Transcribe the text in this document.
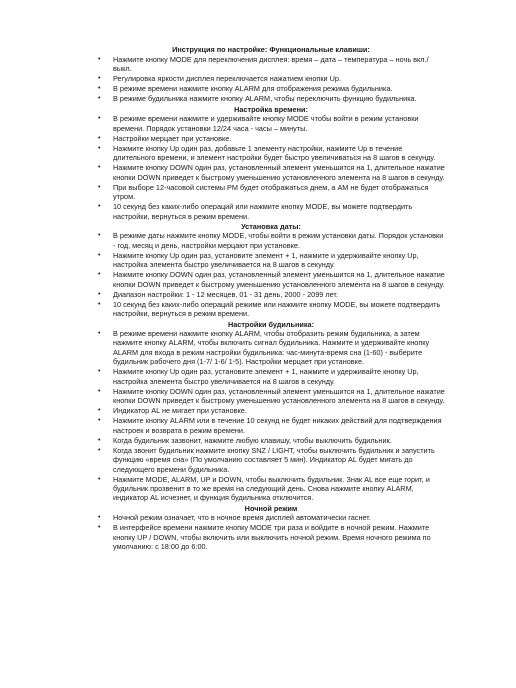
Инструкция по настройке: Функциональные клавиши:
• Нажмите кнопку MODE для переключения дисплея: время – дата – температура – ночь вкл./выкл.
• Регулировка яркости дисплея переключается нажатием кнопки Up.
• В режиме времени нажмите кнопку ALARM для отображения режима будильника.
• В режиме будильника нажмите кнопку ALARM, чтобы переключить функцию будильника.
Настройка времени:
• В режиме времени нажмите и удерживайте кнопку MODE чтобы войти в режим установки времени. Порядок установки 12/24 часа - часы – минуты.
• Настройки мерцает при установке.
• Нажмите кнопку Up один раз, добавьте 1 элементу настройки, нажмите Up в течение длительного времени, и элемент настройки будет быстро увеличиваться на 8 шагов в секунду.
• Нажмите кнопку DOWN один раз, установленный элемент уменьшится на 1, длительное нажатие кнопки DOWN приведет к быстрому уменьшению установленного элемента на 8 шагов в секунду.
• При выборе 12-часовой системы PM будет отображаться днем, а AM не будет отображаться утром.
• 10 секунд без каких-либо операций или нажмите кнопку MODE, вы можете подтвердить настройки, вернуться в режим времени.
Установка даты:
• В режиме даты нажмите кнопку MODE, чтобы войти в режим установки даты. Порядок установки - год, месяц и день, настройки мерцают при установке.
• Нажмите кнопку Up один раз, установите элемент + 1, нажмите и удерживайте кнопку Up, настройка элемента быстро увеличивается на 8 шагов в секунду.
• Нажмите кнопку DOWN один раз, установленный элемент уменьшится на 1, длительное нажатие кнопки DOWN приведет к быстрому уменьшению установленного элемента на 8 шагов в секунду.
• Диапазон настройки: 1 - 12 месяцев, 01 - 31 день, 2000 - 2099 лет.
• 10 секунд без каких-либо операций режиме или нажмите кнопку MODE, вы можете подтвердить настройки, вернуться в режим времени.
Настройки будильника:
• В режиме времени нажмите кнопку ALARM, чтобы отобразить режим будильника, а затем нажмите кнопку ALARM, чтобы включить сигнал будильника. Нажмите и удерживайте кнопку ALARM для входа в режим настройки будильника: час-минута-время сна (1-60) - выберите будильник рабочего дня (1-7/ 1-6/ 1-5). Настройки мерцает при установке.
• Нажмите кнопку Up один раз, установите элемент + 1, нажмите и удерживайте кнопку Up, настройка элемента быстро увеличивается на 8 шагов в секунду.
• Нажмите кнопку DOWN один раз, установленный элемент уменьшится на 1, длительное нажатие кнопки DOWN приведет к быстрому уменьшению установленного элемента на 8 шагов в секунду.
• Индикатор AL не мигает при установке.
• Нажмите кнопку ALARM или в течение 10 секунд не будет никаких действий для подтверждения настроек и возврата в режим времени.
• Когда будильник зазвонит, нажмите любую клавишу, чтобы выключить будильник.
• Когда звонит будильник нажмите кнопку SNZ / LIGHT, чтобы выключить будильник и запустить функцию «время сна» (По умолчанию составляет 5 мин). Индикатор AL будет мигать до следующего времени будильника.
• Нажмите MODE, ALARM, UP и DOWN, чтобы выключить будильник. Знак AL все еще горит, и будильник прозвенит в то же время на следующий день. Снова нажмите кнопку ALARM, индикатор AL исчезнет, и функция будильника отключится.
Ночной режим
• Ночной режим означает, что в ночное время дисплей автоматически гаснет.
• В интерфейсе времени нажмите кнопку MODE три раза и войдите в ночной режим. Нажмите кнопку UP / DOWN, чтобы включить или выключить ночной режим. Время ночного режима по умолчанию: с 18:00 до 6:00.
